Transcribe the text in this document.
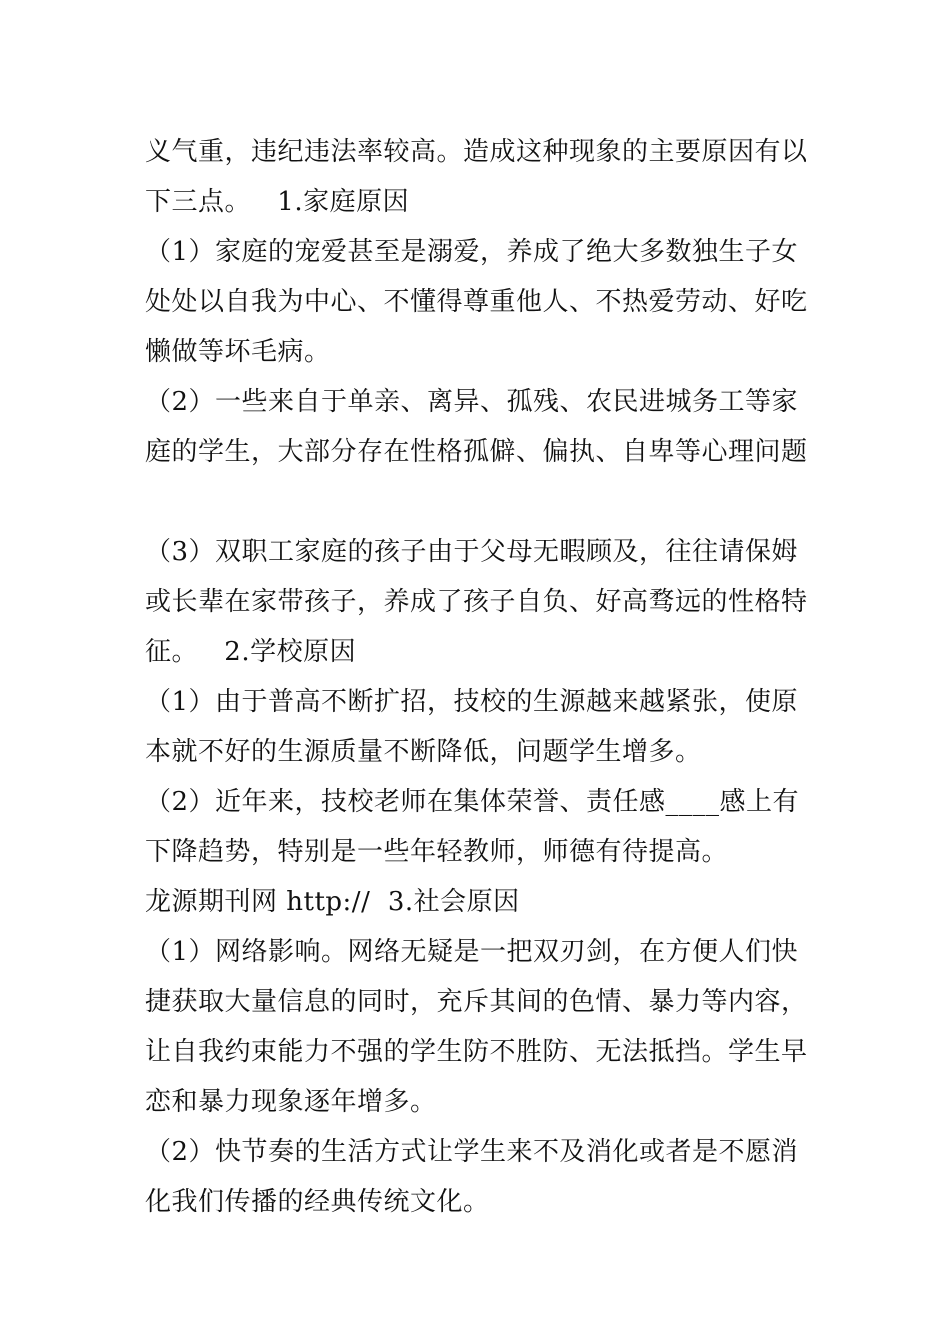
义气重，违纪违法率较高。造成这种现象的主要原因有以
下三点。   1.家庭原因
（1）家庭的宠爱甚至是溺爱，养成了绝大多数独生子女
处处以自我为中心、不懂得尊重他人、不热爱劳动、好吃
懒做等坏毛病。
（2）一些来自于单亲、离异、孤残、农民进城务工等家
庭的学生，大部分存在性格孤僻、偏执、自卑等心理问题
（3）双职工家庭的孩子由于父母无暇顾及，往往请保姆
或长辈在家带孩子，养成了孩子自负、好高骛远的性格特
征。   2.学校原因
（1）由于普高不断扩招，技校的生源越来越紧张，使原
本就不好的生源质量不断降低，问题学生增多。
（2）近年来，技校老师在集体荣誉、责任感____感上有
下降趋势，特别是一些年轻教师，师德有待提高。
龙源期刊网 http://  3.社会原因
（1）网络影响。网络无疑是一把双刃剑，在方便人们快
捷获取大量信息的同时，充斥其间的色情、暴力等内容，
让自我约束能力不强的学生防不胜防、无法抵挡。学生早
恋和暴力现象逐年增多。
（2）快节奏的生活方式让学生来不及消化或者是不愿消
化我们传播的经典传统文化。
